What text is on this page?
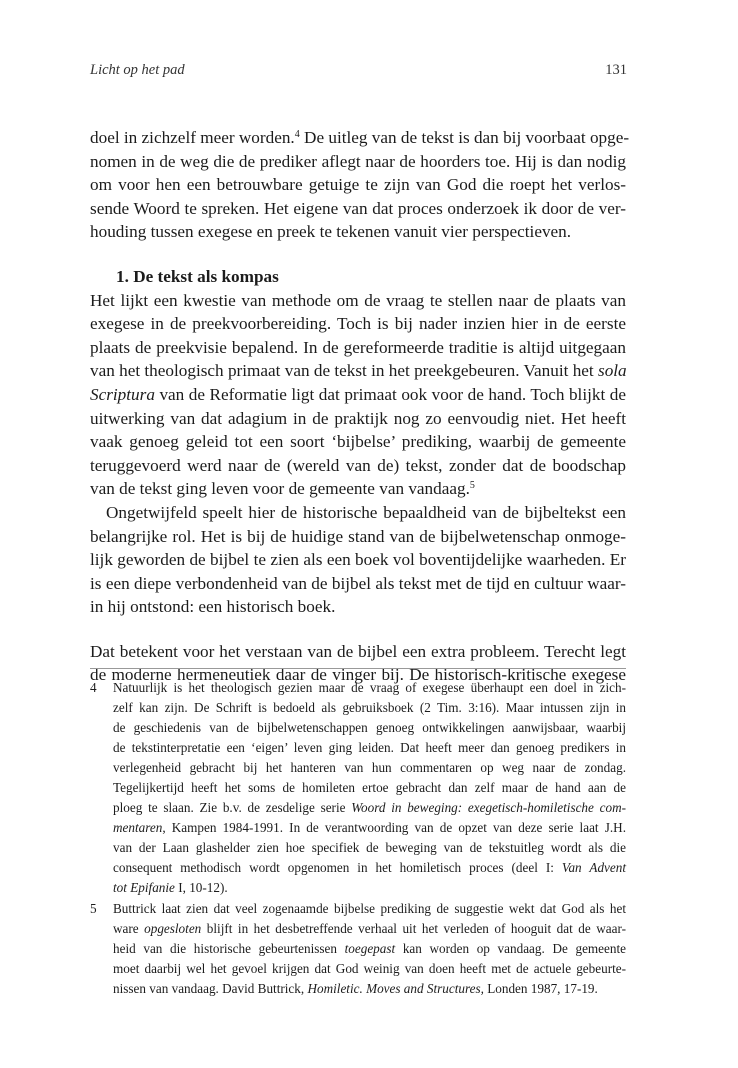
Licht op het pad	131
doel in zichzelf meer worden.$^4$ De uitleg van de tekst is dan bij voorbaat opge-
nomen in de weg die de prediker aflegt naar de hoorders toe. Hij is dan nodig
om voor hen een betrouwbare getuige te zijn van God die roept het verlos-
sende Woord te spreken. Het eigene van dat proces onderzoek ik door de ver-
houding tussen exegese en preek te tekenen vanuit vier perspectieven.
1. De tekst als kompas
Het lijkt een kwestie van methode om de vraag te stellen naar de plaats van
exegese in de preekvoorbereiding. Toch is bij nader inzien hier in de eerste
plaats de preekvisie bepalend. In de gereformeerde traditie is altijd uitgegaan
van het theologisch primaat van de tekst in het preekgebeuren. Vanuit het sola
Scriptura van de Reformatie ligt dat primaat ook voor de hand. Toch blijkt de
uitwerking van dat adagium in de praktijk nog zo eenvoudig niet. Het heeft
vaak genoeg geleid tot een soort ‘bijbelse’ prediking, waarbij de gemeente
teruggevoerd werd naar de (wereld van de) tekst, zonder dat de boodschap
van de tekst ging leven voor de gemeente van vandaag.$^5$
Ongetwijfeld speelt hier de historische bepaaldheid van de bijbeltekst een
belangrijke rol. Het is bij de huidige stand van de bijbelwetenschap onmoge-
lijk geworden de bijbel te zien als een boek vol boventijdelijke waarheden. Er
is een diepe verbondenheid van de bijbel als tekst met de tijd en cultuur waar-
in hij ontstond: een historisch boek.
Dat betekent voor het verstaan van de bijbel een extra probleem. Terecht legt
de moderne hermeneutiek daar de vinger bij. De historisch-kritische exegese
4 Natuurlijk is het theologisch gezien maar de vraag of exegese überhaupt een doel in zich-
zelf kan zijn. De Schrift is bedoeld als gebruiksboek (2 Tim. 3:16). Maar intussen zijn in
de geschiedenis van de bijbelwetenschappen genoeg ontwikkelingen aanwijsbaar, waarbij
de tekstinterpretatie een ‘eigen’ leven ging leiden. Dat heeft meer dan genoeg predikers in
verlegenheid gebracht bij het hanteren van hun commentaren op weg naar de zondag.
Tegelijkertijd heeft het soms de homileten ertoe gebracht dan zelf maar de hand aan de
ploeg te slaan. Zie b.v. de zesdelige serie Woord in beweging: exegetisch-homiletische com-
mentaren, Kampen 1984-1991. In de verantwoording van de opzet van deze serie laat J.H.
van der Laan glashelder zien hoe specifiek de beweging van de tekstuitleg wordt als die
consequent methodisch wordt opgenomen in het homiletisch proces (deel I: Van Advent
tot Epifanie I, 10-12).
5 Buttrick laat zien dat veel zogenaamde bijbelse prediking de suggestie wekt dat God als het
ware opgesloten blijft in het desbetreffende verhaal uit het verleden of hooguit dat de waar-
heid van die historische gebeurtenissen toegepast kan worden op vandaag. De gemeente
moet daarbij wel het gevoel krijgen dat God weinig van doen heeft met de actuele gebeurte-
nissen van vandaag. David Buttrick, Homiletic. Moves and Structures, Londen 1987, 17-19.
